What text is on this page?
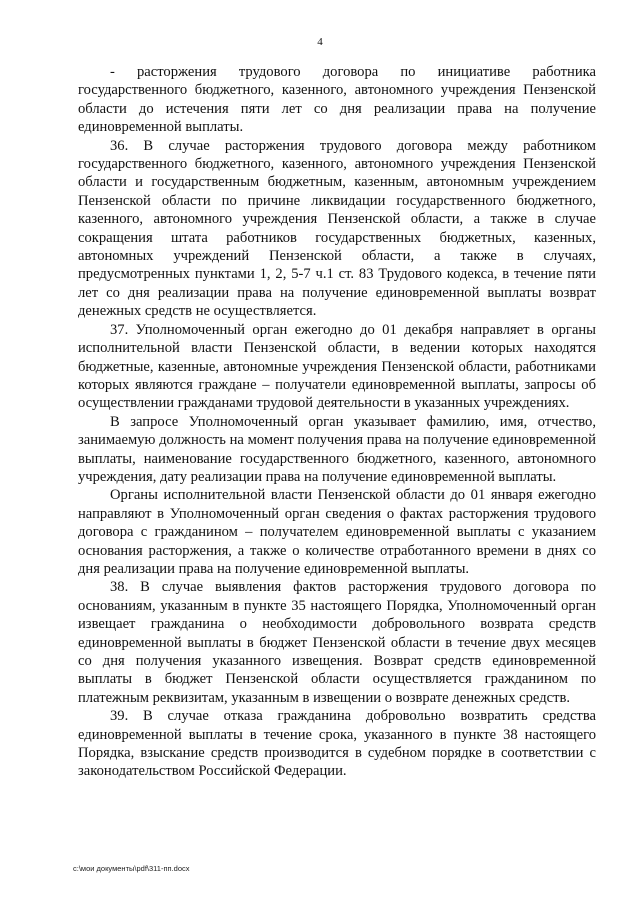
4

- расторжения трудового договора по инициативе работника государственного бюджетного, казенного, автономного учреждения Пензенской области до истечения пяти лет со дня реализации права на получение единовременной выплаты.

36. В случае расторжения трудового договора между работником государственного бюджетного, казенного, автономного учреждения Пензенской области и государственным бюджетным, казенным, автономным учреждением Пензенской области по причине ликвидации государственного бюджетного, казенного, автономного учреждения Пензенской области, а также в случае сокращения штата работников государственных бюджетных, казенных, автономных учреждений Пензенской области, а также в случаях, предусмотренных пунктами 1, 2, 5-7 ч.1 ст. 83 Трудового кодекса, в течение пяти лет со дня реализации права на получение единовременной выплаты возврат денежных средств не осуществляется.

37. Уполномоченный орган ежегодно до 01 декабря направляет в органы исполнительной власти Пензенской области, в ведении которых находятся бюджетные, казенные, автономные учреждения Пензенской области, работниками которых являются граждане – получатели единовременной выплаты, запросы об осуществлении гражданами трудовой деятельности в указанных учреждениях.

В запросе Уполномоченный орган указывает фамилию, имя, отчество, занимаемую должность на момент получения права на получение единовременной выплаты, наименование государственного бюджетного, казенного, автономного учреждения, дату реализации права на получение единовременной выплаты.

Органы исполнительной власти Пензенской области до 01 января ежегодно направляют в Уполномоченный орган сведения о фактах расторжения трудового договора с гражданином – получателем единовременной выплаты с указанием основания расторжения, а также о количестве отработанного времени в днях со дня реализации права на получение единовременной выплаты.

38. В случае выявления фактов расторжения трудового договора по основаниям, указанным в пункте 35 настоящего Порядка, Уполномоченный орган извещает гражданина о необходимости добровольного возврата средств единовременной выплаты в бюджет Пензенской области в течение двух месяцев со дня получения указанного извещения. Возврат средств единовременной выплаты в бюджет Пензенской области осуществляется гражданином по платежным реквизитам, указанным в извещении о возврате денежных средств.

39. В случае отказа гражданина добровольно возвратить средства единовременной выплаты в течение срока, указанного в пункте 38 настоящего Порядка, взыскание средств производится в судебном порядке в соответствии с законодательством Российской Федерации.

c:\мои документы\pdf\311-пп.docx
